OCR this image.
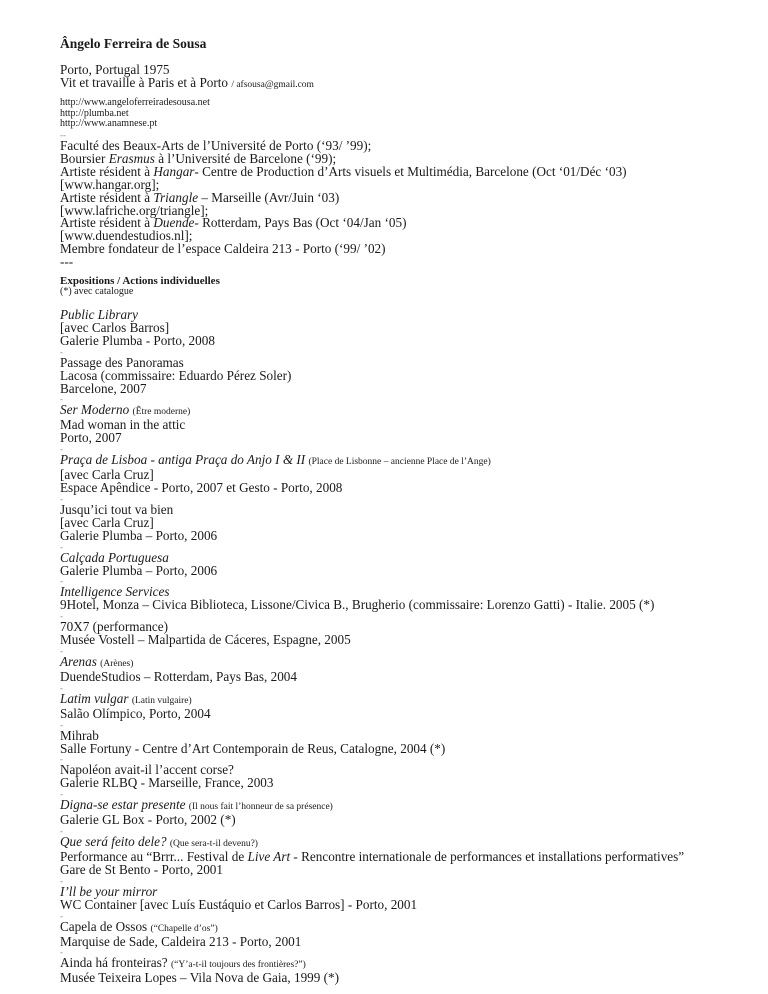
Ângelo Ferreira de Sousa
Porto, Portugal 1975
Vit et travaille à Paris et à Porto / afsousa@gmail.com
http://www.angeloferreiradesousa.net
http://plumba.net
http://www.anamnese.pt
--
Faculté des Beaux-Arts de l’Université de Porto (‘93/ ’99);
Boursier Erasmus à l’Université de Barcelone (‘99);
Artiste résident à Hangar- Centre de Production d’Arts visuels et Multimédia, Barcelone (Oct ‘01/Déc ‘03)
[www.hangar.org];
Artiste résident à Triangle – Marseille (Avr/Juin ‘03)
[www.lafriche.org/triangle];
Artiste résident à Duende- Rotterdam, Pays Bas (Oct ‘04/Jan ‘05)
[www.duendestudios.nl];
Membre fondateur de l’espace Caldeira 213 - Porto (‘99/ ’02)
---
Expositions / Actions individuelles
(*) avec catalogue
Public Library
[avec Carlos Barros]
Galerie Plumba - Porto, 2008
-
Passage des Panoramas
Lacosa (commissaire: Eduardo Pérez Soler)
Barcelone, 2007
-
Ser Moderno (Être moderne)
Mad woman in the attic
Porto, 2007
-
Praça de Lisboa - antiga Praça do Anjo I & II (Place de Lisbonne – ancienne Place de l’Ange)
[avec Carla Cruz]
Espace Apêndice - Porto, 2007 et Gesto - Porto, 2008
-
Jusqu’ici tout va bien
[avec Carla Cruz]
Galerie Plumba – Porto, 2006
-
Calçada Portuguesa
Galerie Plumba – Porto, 2006
-
Intelligence Services
9Hotel, Monza – Civica Biblioteca, Lissone/Civica B., Brugherio (commissaire: Lorenzo Gatti) - Italie. 2005 (*)
-
70X7 (performance)
Musée Vostell – Malpartida de Cáceres, Espagne, 2005
-
Arenas (Arènes)
DuendeStudios – Rotterdam, Pays Bas, 2004
-
Latim vulgar (Latin vulgaire)
Salão Olímpico, Porto, 2004
-
Mihrab
Salle Fortuny - Centre d’Art Contemporain de Reus, Catalogne, 2004 (*)
-
Napoléon avait-il l’accent corse?
Galerie RLBQ - Marseille, France, 2003
-
Digna-se estar presente (Il nous fait l’honneur de sa présence)
Galerie GL Box - Porto, 2002 (*)
-
Que será feito dele? (Que sera-t-il devenu?)
Performance au “Brrr... Festival de Live Art - Rencontre internationale de performances et installations performatives”
Gare de St Bento - Porto, 2001
-
I’ll be your mirror
WC Container [avec Luís Eustáquio et Carlos Barros] - Porto, 2001
-
Capela de Ossos (“Chapelle d’os”)
Marquise de Sade, Caldeira 213 - Porto, 2001
-
Ainda há fronteiras? (“Y’a-t-il toujours des frontières?”)
Musée Teixeira Lopes – Vila Nova de Gaia, 1999 (*)
